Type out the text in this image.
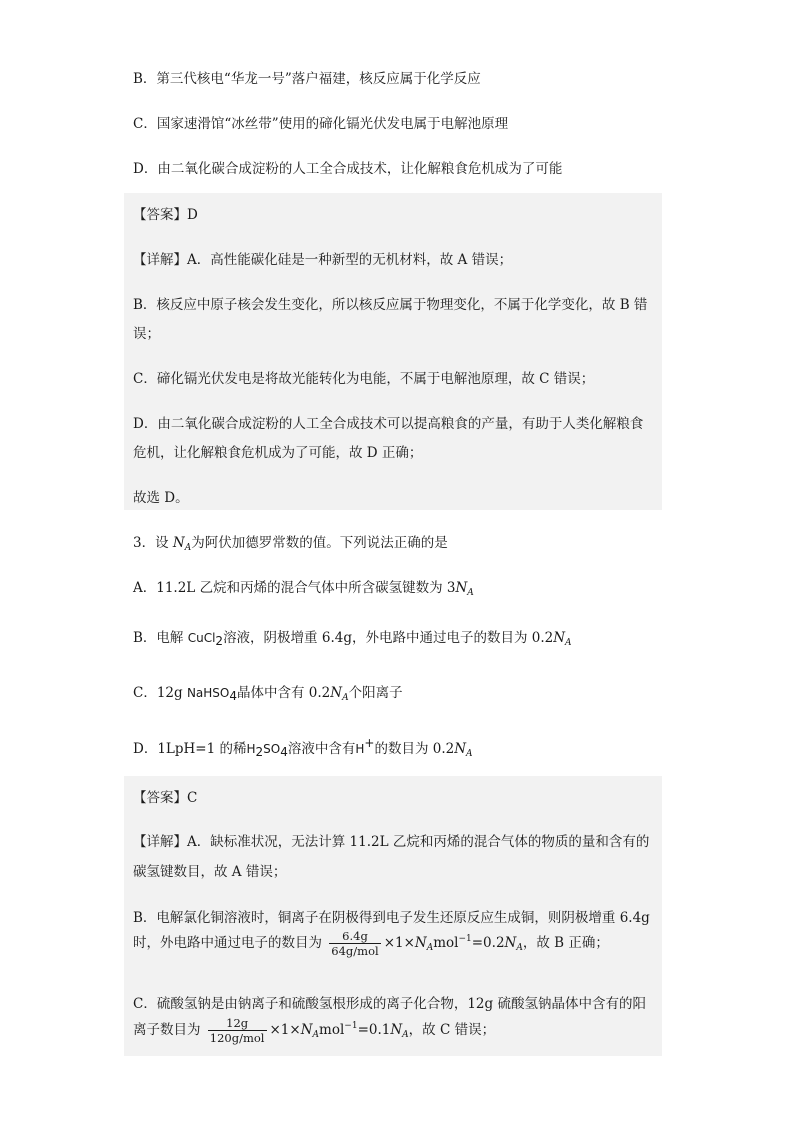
B．第三代核电“华龙一号”落户福建，核反应属于化学反应
C．国家速滑馆“冰丝带”使用的碲化镉光伏发电属于电解池原理
D．由二氧化碳合成淀粉的人工全合成技术，让化解粮食危机成为了可能
【答案】D
【详解】A．高性能碳化硅是一种新型的无机材料，故 A 错误；
B．核反应中原子核会发生变化，所以核反应属于物理变化，不属于化学变化，故 B 错
误；
C．碲化镉光伏发电是将故光能转化为电能，不属于电解池原理，故 C 错误；
D．由二氧化碳合成淀粉的人工全合成技术可以提高粮食的产量，有助于人类化解粮食
危机，让化解粮食危机成为了可能，故 D 正确；
故选 D。
3．设 $N_A$为阿伏加德罗常数的值。下列说法正确的是
A．11.2L 乙烷和丙烯的混合气体中所含碳氢键数为 $3N_A$
B．电解 CuCl2溶液，阴极增重 6.4g，外电路中通过电子的数目为 $0.2N_A$
C．12g NaHSO4晶体中含有 $0.2N_A$个阳离子
D．1LpH=1 的稀H2SO4溶液中含有H+的数目为 $0.2N_A$
【答案】C
【详解】A．缺标准状况，无法计算 11.2L 乙烷和丙烯的混合气体的物质的量和含有的
碳氢键数目，故 A 错误；
B．电解氯化铜溶液时，铜离子在阴极得到电子发生还原反应生成铜，则阴极增重 6.4g
时，外电路中通过电子的数目为 $\frac{6.4g}{\text{64g/mol}} \times 1\times N_Amol^{-1}=0.2N_A$，故 B 正确；
C．硫酸氢钠是由钠离子和硫酸氢根形成的离子化合物，12g 硫酸氢钠晶体中含有的阳
离子数目为 $\frac{12g}{\text{120g/mol}} \times 1\times N_Amol^{-1}=0.1N_A$，故 C 错误；
